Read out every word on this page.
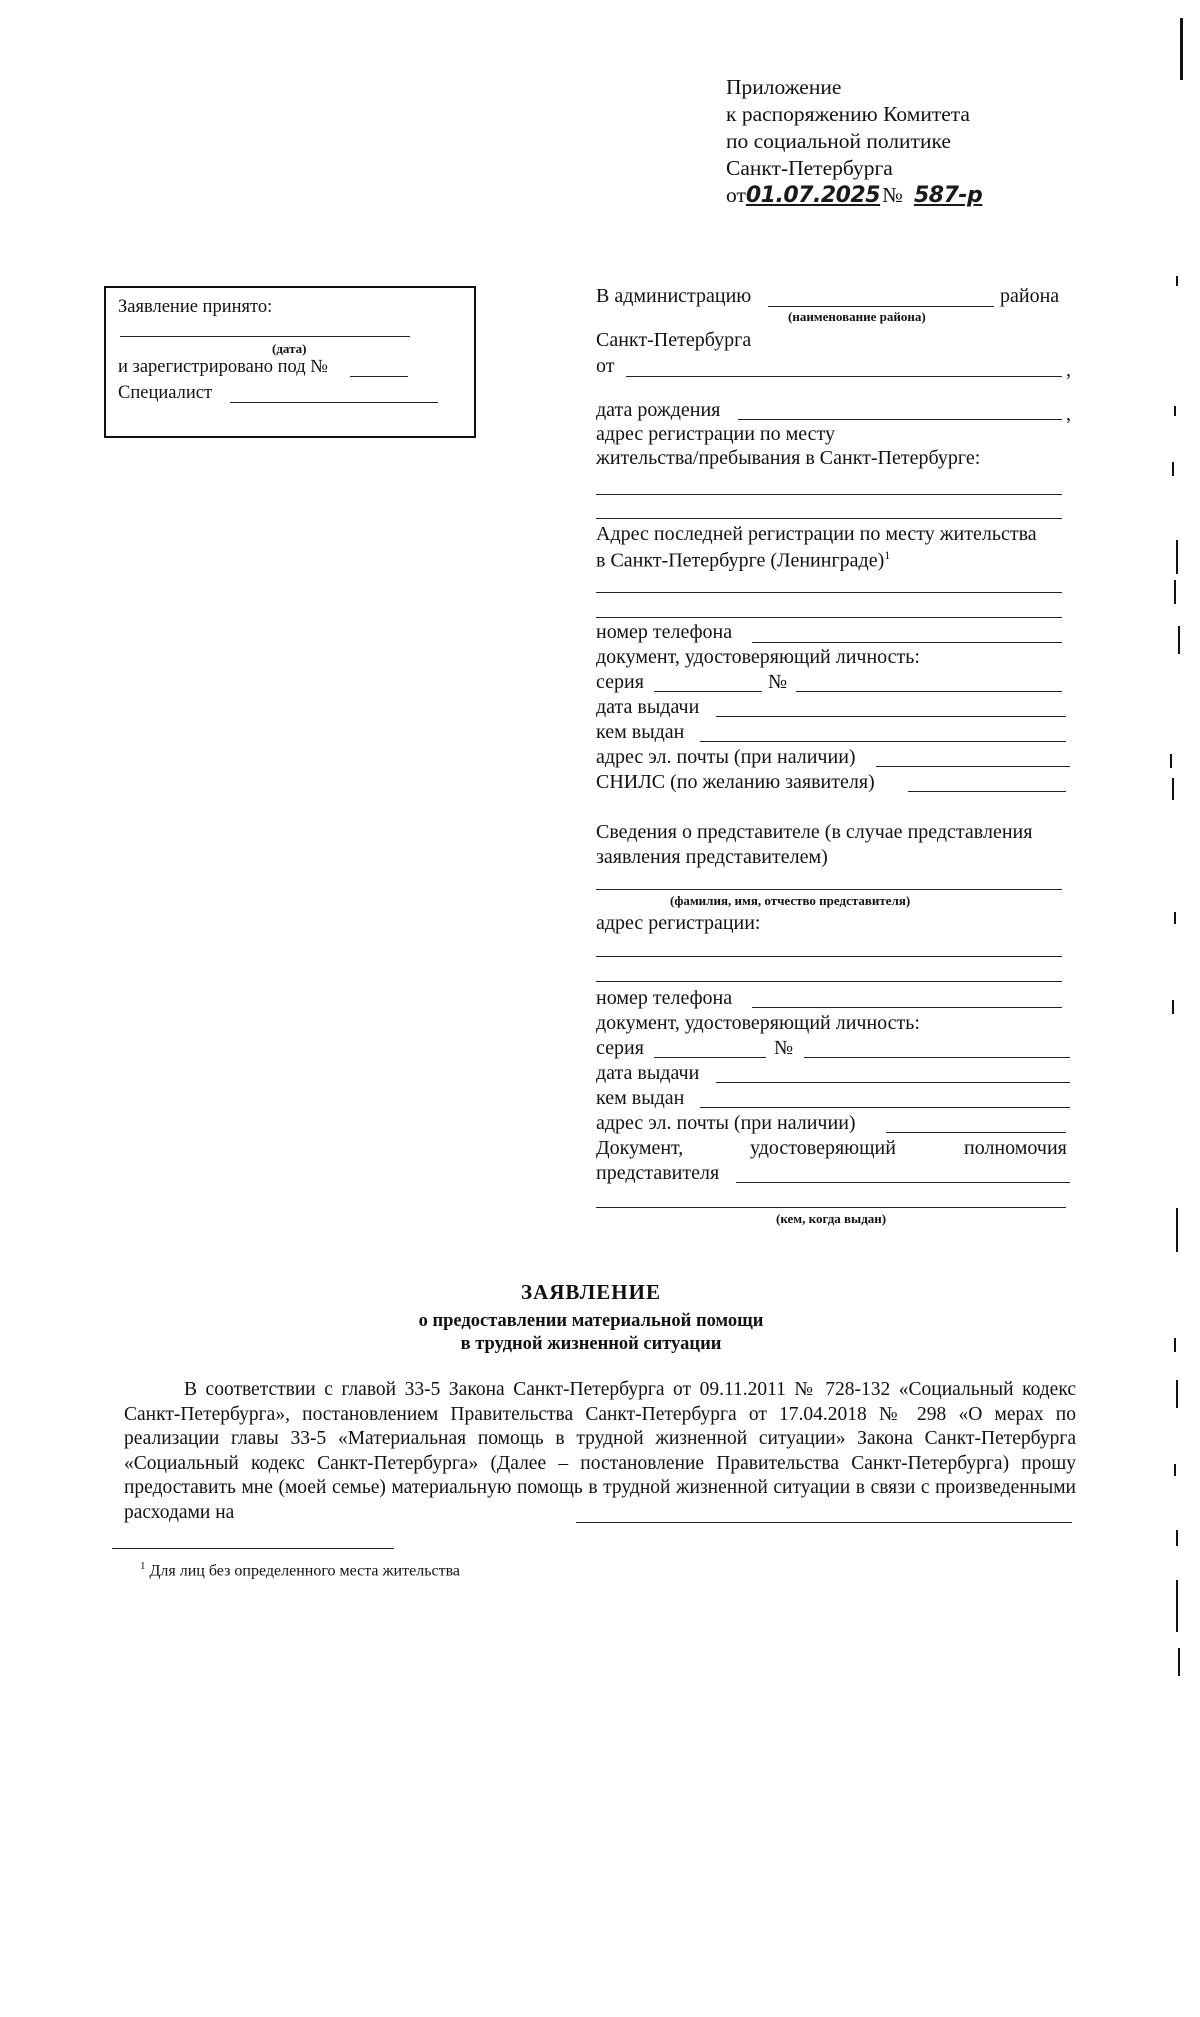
Приложение
к распоряжению Комитета
по социальной политике
Санкт-Петербурга
от01.07.2025№ 587-р
Заявление принято:
(дата)
и зарегистрировано под №
Специалист
В администрацию	района
(наименование района)
Санкт-Петербурга
от	,
дата рождения	,
адрес регистрации по месту
жительства/пребывания в Санкт-Петербурге:
Адрес последней регистрации по месту жительства
в Санкт-Петербурге (Ленинграде)$^1$
номер телефона
документ, удостоверяющий личность:
серия	№
дата выдачи
кем выдан
адрес эл. почты (при наличии)
СНИЛС (по желанию заявителя)
Сведения о представителе (в случае представления
заявления представителем)
(фамилия, имя, отчество представителя)
адрес регистрации:
номер телефона
документ, удостоверяющий личность:
серия	№
дата выдачи
кем выдан
адрес эл. почты (при наличии)
Документ,	удостоверяющий	полномочия
представителя
(кем, когда выдан)
ЗАЯВЛЕНИЕ
о предоставлении материальной помощи
в трудной жизненной ситуации

В соответствии с главой 33-5 Закона Санкт-Петербурга от 09.11.2011 № 728-132 «Социальный кодекс Санкт-Петербурга», постановлением Правительства Санкт-Петербурга от 17.04.2018 № 298 «О мерах по реализации главы 33-5 «Материальная помощь в трудной жизненной ситуации» Закона Санкт-Петербурга «Социальный кодекс Санкт-Петербурга» (Далее – постановление Правительства Санкт-Петербурга) прошу предоставить мне (моей семье) материальную помощь в трудной жизненной ситуации в связи с произведенными расходами на

$^1$ Для лиц без определенного места жительства
